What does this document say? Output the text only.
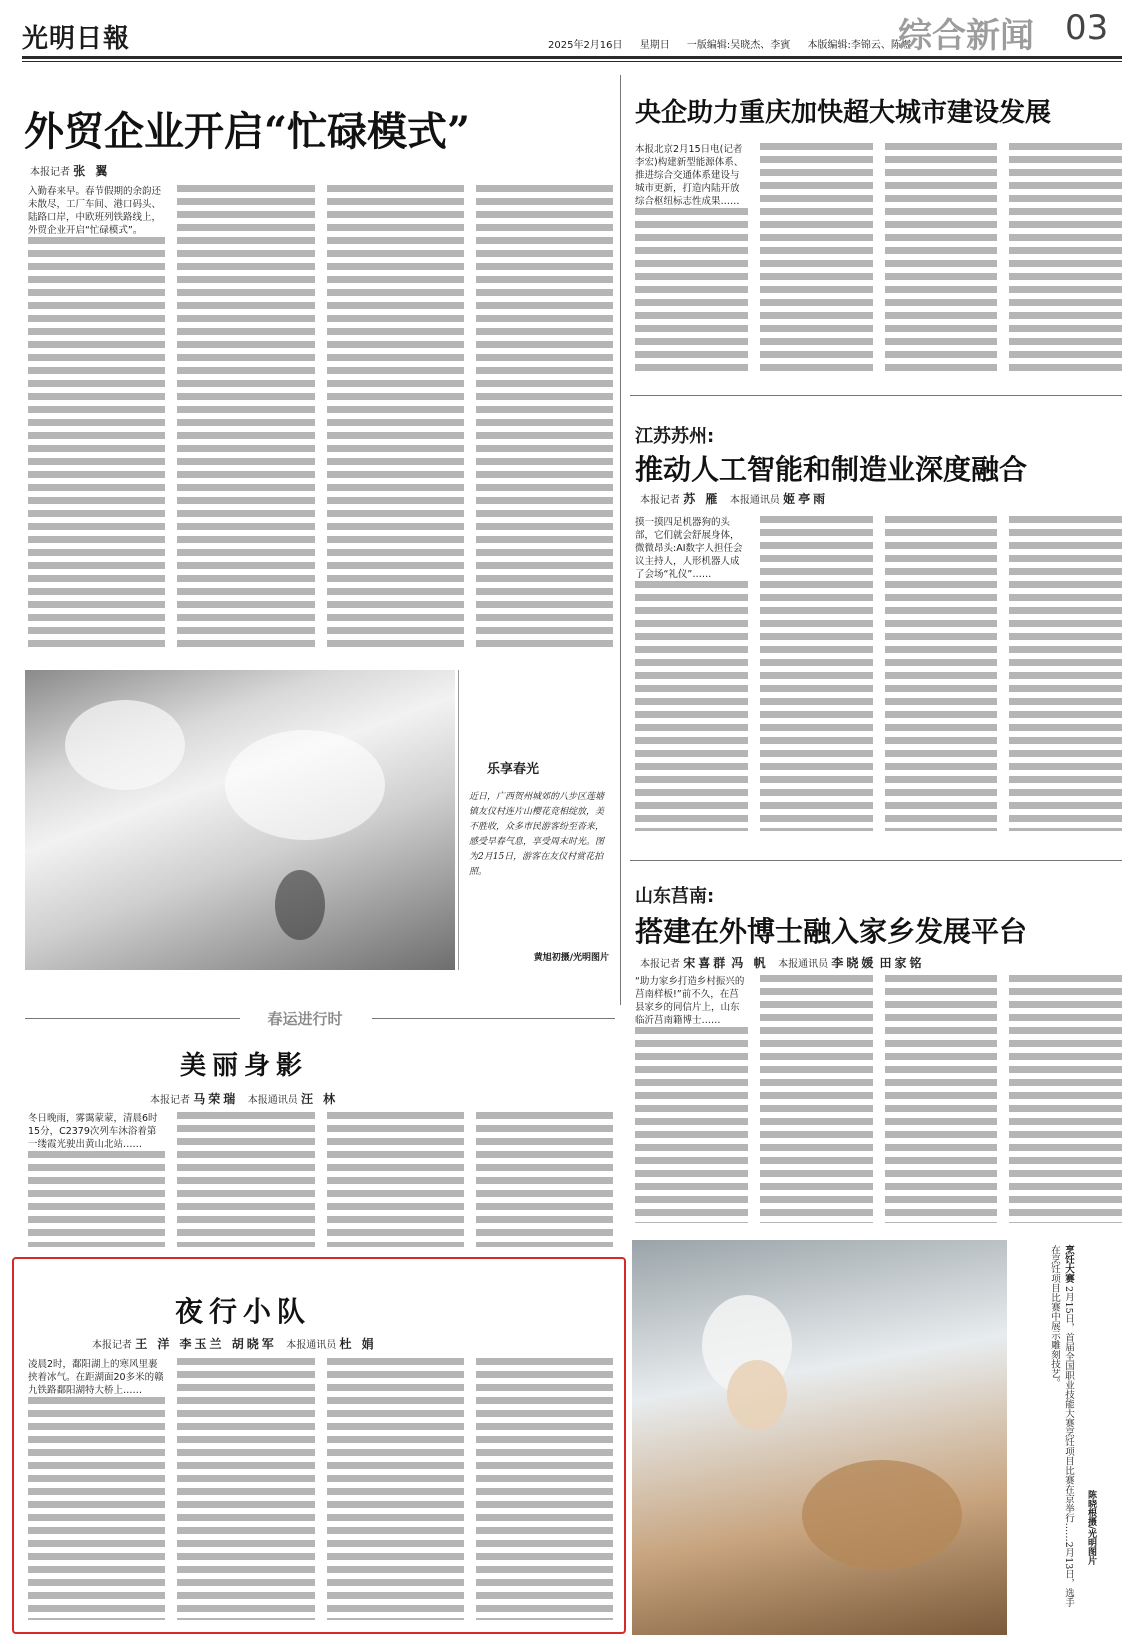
光明日報	2025年2月16日 星期日 一版编辑:吴晓杰、李賓 本版编辑:李锦云、陈煜
综合新闻 03
外贸企业开启“忙碌模式”
本报记者 张 翼
入勤春来早。春节假期的余韵还未散尽，工厂车间、港口码头、陆路口岸，中欧班列铁路线上，外贸企业开启“忙碌模式”。
乐享春光
近日，广西贺州城郊的八步区莲塘镇友仪村连片山樱花竞相绽放，美不胜收，众多市民游客纷至沓来，感受早春气息，享受周末时光。图为2月15日，游客在友仪村赏花拍照。
黄旭初摄/光明图片
央企助力重庆加快超大城市建设发展
本报北京2月15日电(记者李宏)构建新型能源体系、推进综合交通体系建设与城市更新，打造内陆开放综合枢纽标志性成果……
江苏苏州:
推动人工智能和制造业深度融合
本报记者 苏 雁 本报通讯员 姬亭雨
摸一摸四足机器狗的头部，它们就会舒展身体，微微昂头:AI数字人担任会议主持人，人形机器人成了会场“礼仪”……
山东莒南:
搭建在外博士融入家乡发展平台
本报记者 宋喜群 冯 帆 本报通讯员 李晓媛 田家铭
“助力家乡打造乡村振兴的莒南样板!”前不久，在莒县家乡的同信片上，山东临沂莒南籍博士……
春运进行时
美丽身影
本报记者 马荣瑞 本报通讯员 汪 林
冬日晚雨，雾霭蒙蒙，清晨6时15分，C2379次列车沐浴着第一缕霞光驶出黄山北站……
夜行小队
本报记者 王 洋 李玉兰 胡晓军 本报通讯员 杜 娟
凌晨2时，鄱阳湖上的寒风里裹挟着冰气。在距湖面20多米的赣九铁路鄱阳湖特大桥上……
烹饪大赛 2月15日，首届全国职业技能大赛烹饪项目比赛在京举行……2月13日，选手在烹饪项目比赛中展示雕刻技艺。
陈晓根摄/光明图片
